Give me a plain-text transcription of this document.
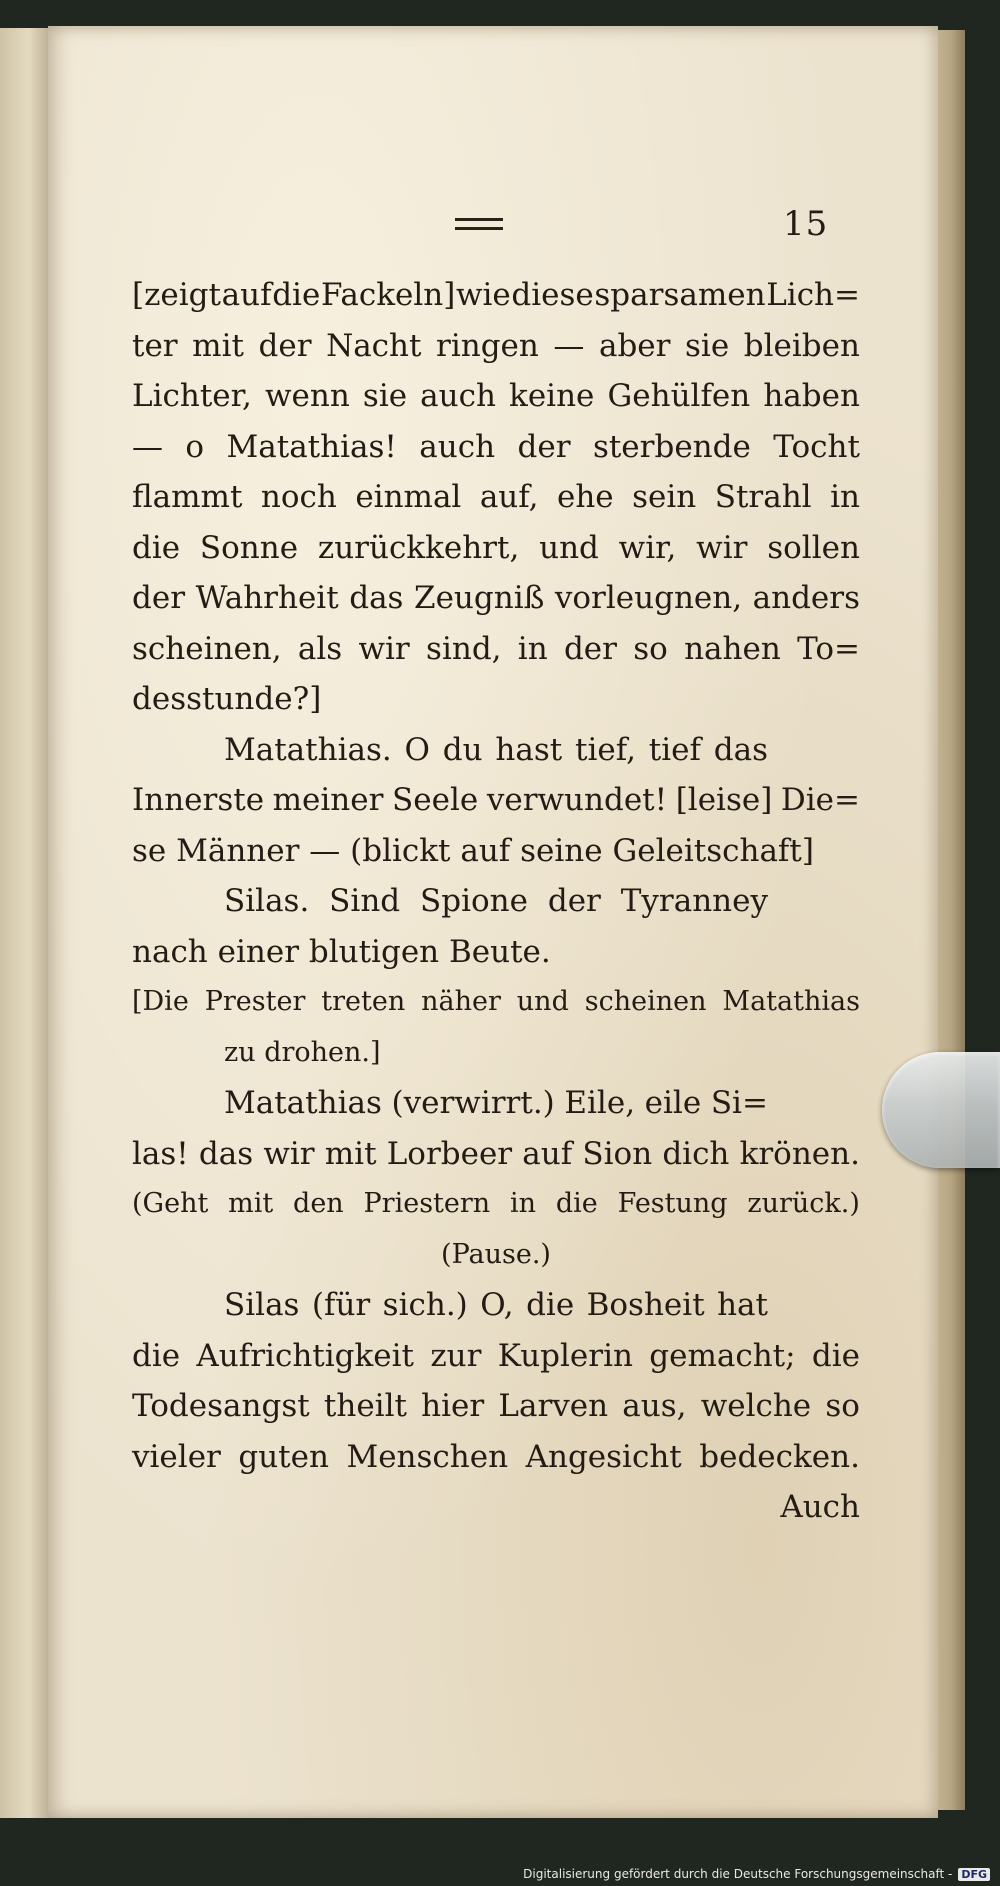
15
[zeigt auf die Fackeln] wie diese sparsamen Lich=
ter mit der Nacht ringen — aber sie bleiben
Lichter, wenn sie auch keine Gehülfen haben
— o Matathias! auch der sterbende Tocht
flammt noch einmal auf, ehe sein Strahl in
die Sonne zurückkehrt, und wir, wir sollen
der Wahrheit das Zeugniß vorleugnen, anders
scheinen, als wir sind, in der so nahen To=
desstunde?]
Matathias. O du hast tief, tief das
Innerste meiner Seele verwundet! [leise] Die=
se Männer — (blickt auf seine Geleitschaft]
Silas. Sind Spione der Tyranney
nach einer blutigen Beute.
[Die Prester treten näher und scheinen Matathias
zu drohen.]
Matathias (verwirrt.) Eile, eile Si=
las! das wir mit Lorbeer auf Sion dich krönen.
(Geht mit den Priestern in die Festung zurück.)
(Pause.)
Silas (für sich.) O, die Bosheit hat
die Aufrichtigkeit zur Kuplerin gemacht; die
Todesangst theilt hier Larven aus, welche so
vieler guten Menschen Angesicht bedecken.
Auch
Digitalisierung gefördert durch die Deutsche Forschungsgemeinschaft - DFG
